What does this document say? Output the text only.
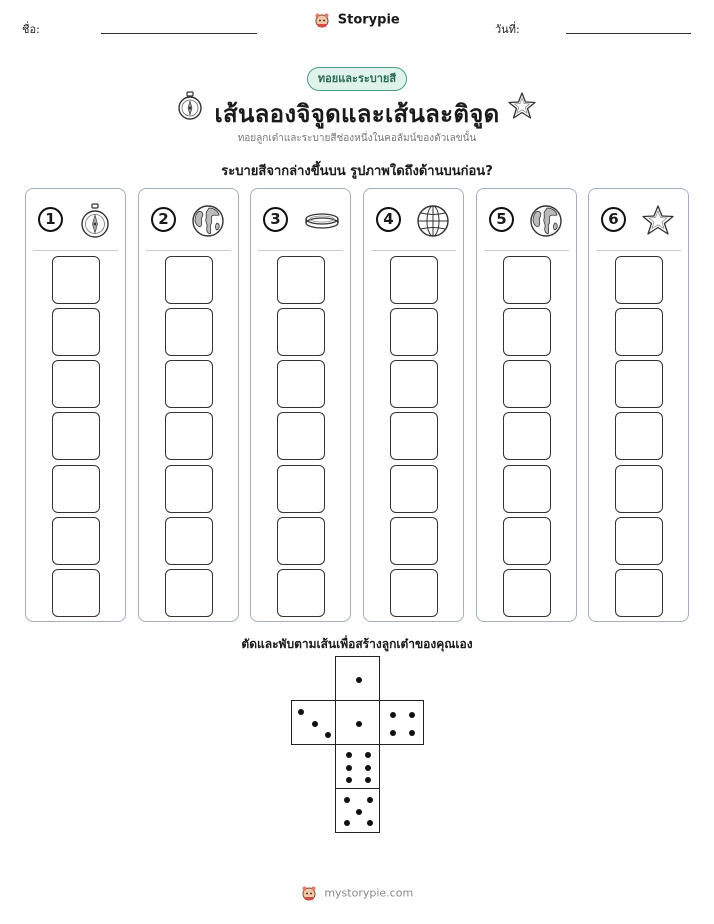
ชื่อ:
Storypie
วันที่:
ทอยและระบายสี
เส้นลองจิจูดและเส้นละติจูด
ทอยลูกเต๋าและระบายสีช่องหนึ่งในคอลัมน์ของตัวเลขนั้น
ระบายสีจากล่างขึ้นบน รูปภาพใดถึงด้านบนก่อน?
1	2	3	4	5	6
ตัดและพับตามเส้นเพื่อสร้างลูกเต๋าของคุณเอง
mystorypie.com
